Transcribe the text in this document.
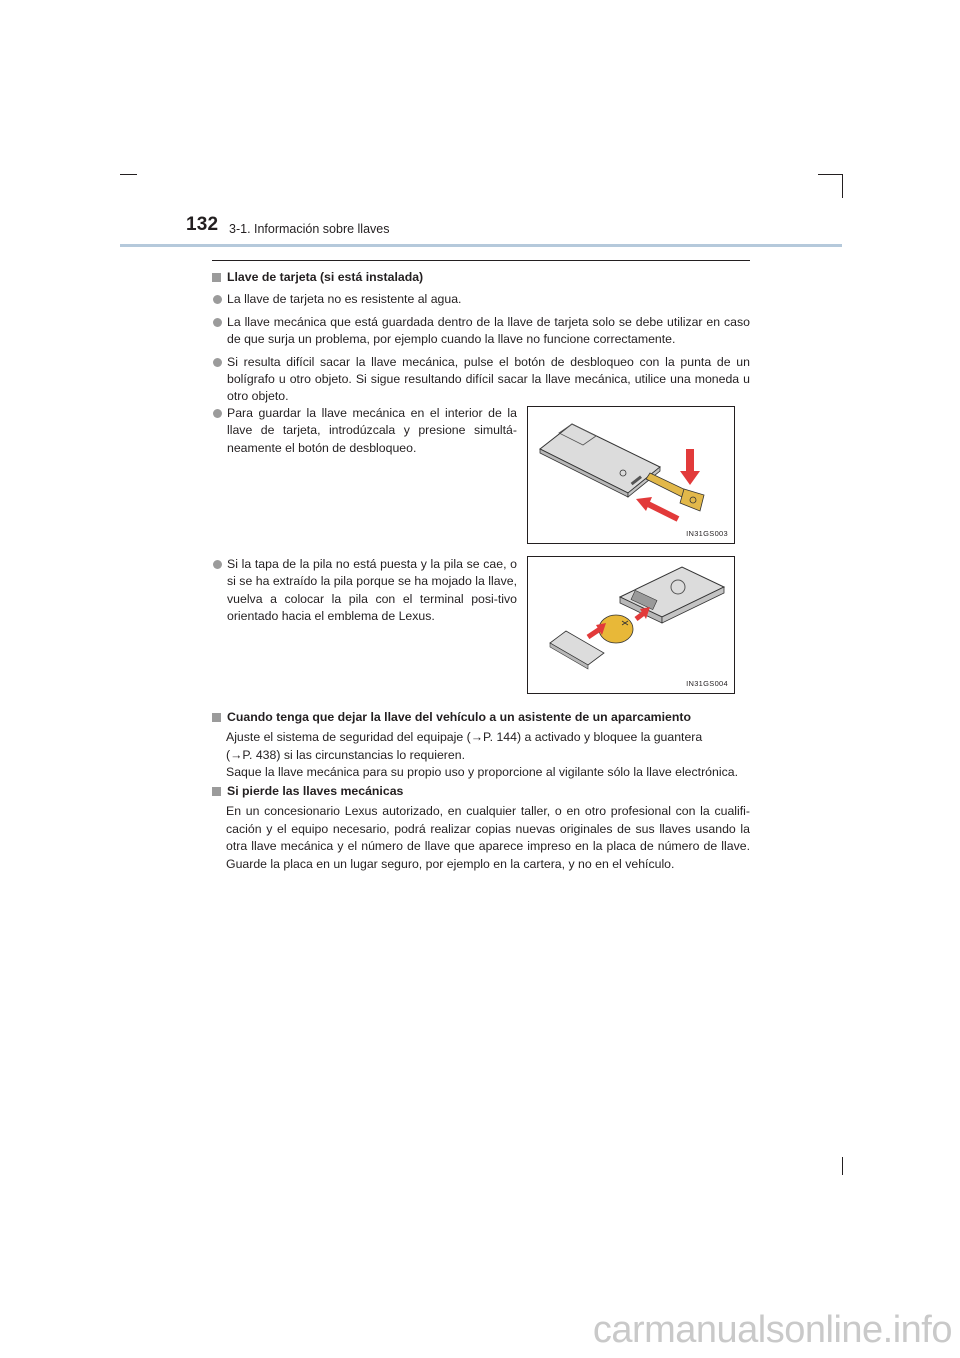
132 3-1. Información sobre llaves
Llave de tarjeta (si está instalada)
La llave de tarjeta no es resistente al agua.
La llave mecánica que está guardada dentro de la llave de tarjeta solo se debe utilizar en caso de que surja un problema, por ejemplo cuando la llave no funcione correctamente.
Si resulta difícil sacar la llave mecánica, pulse el botón de desbloqueo con la punta de un bolígrafo u otro objeto. Si sigue resultando difícil sacar la llave mecánica, utilice una moneda u otro objeto.
Para guardar la llave mecánica en el interior de la llave de tarjeta, introdúzcala y presione simultá-neamente el botón de desbloqueo.
Si la tapa de la pila no está puesta y la pila se cae, o si se ha extraído la pila porque se ha mojado la llave, vuelva a colocar la pila con el terminal posi-tivo orientado hacia el emblema de Lexus.
IN31GS003
IN31GS004
Cuando tenga que dejar la llave del vehículo a un asistente de un aparcamiento
Ajuste el sistema de seguridad del equipaje (→P. 144) a activado y bloquee la guantera
(→P. 438) si las circunstancias lo requieren.
Saque la llave mecánica para su propio uso y proporcione al vigilante sólo la llave electrónica.
Si pierde las llaves mecánicas
En un concesionario Lexus autorizado, en cualquier taller, o en otro profesional con la cualifi-cación y el equipo necesario, podrá realizar copias nuevas originales de sus llaves usando la otra llave mecánica y el número de llave que aparece impreso en la placa de número de llave. Guarde la placa en un lugar seguro, por ejemplo en la cartera, y no en el vehículo.
carmanualsonline.info
